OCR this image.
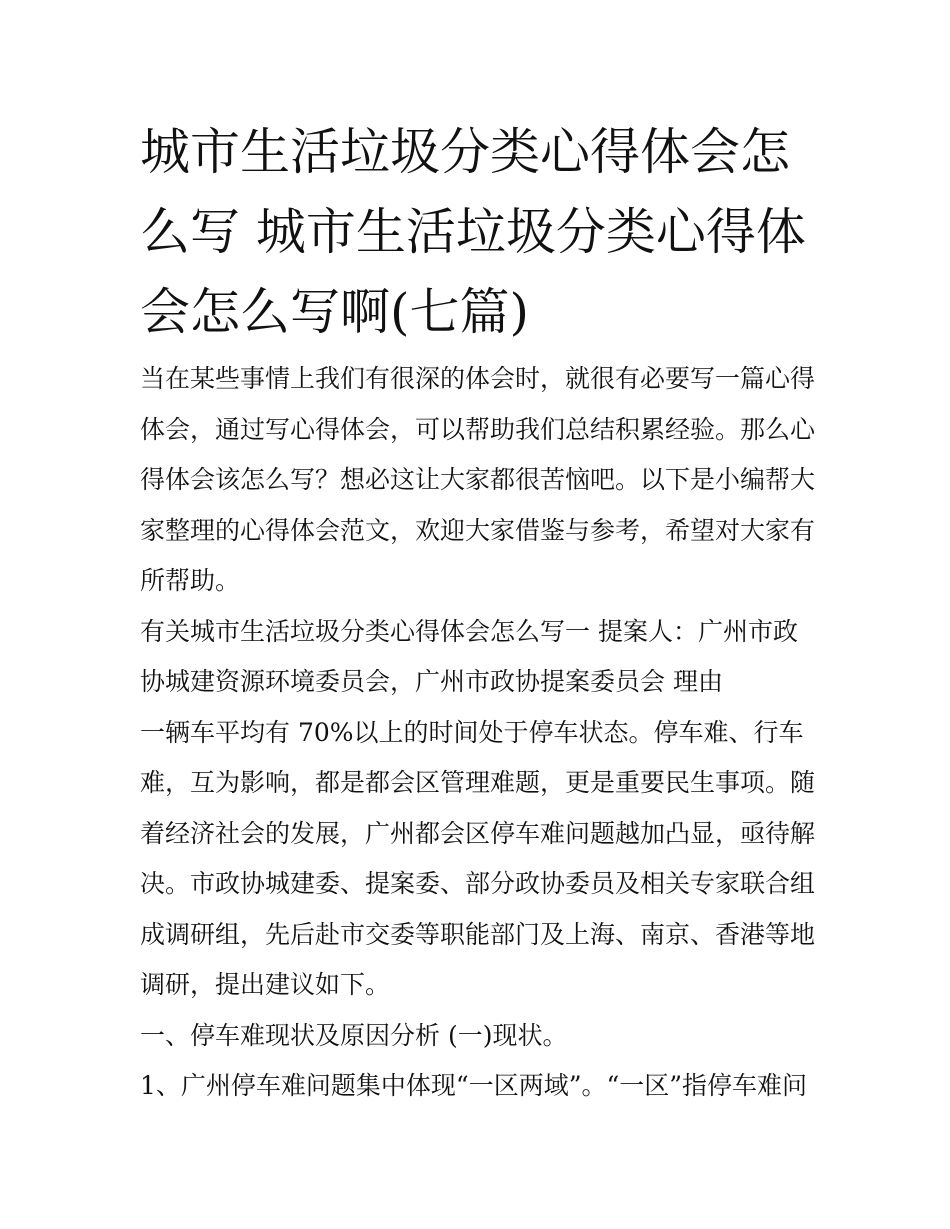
城市生活垃圾分类心得体会怎
么写 城市生活垃圾分类心得体
会怎么写啊(七篇)
当在某些事情上我们有很深的体会时，就很有必要写一篇心得
体会，通过写心得体会，可以帮助我们总结积累经验。那么心
得体会该怎么写？想必这让大家都很苦恼吧。以下是小编帮大
家整理的心得体会范文，欢迎大家借鉴与参考，希望对大家有
所帮助。
有关城市生活垃圾分类心得体会怎么写一 提案人：广州市政
协城建资源环境委员会，广州市政协提案委员会 理由
一辆车平均有 70%以上的时间处于停车状态。停车难、行车
难，互为影响，都是都会区管理难题，更是重要民生事项。随
着经济社会的发展，广州都会区停车难问题越加凸显，亟待解
决。市政协城建委、提案委、部分政协委员及相关专家联合组
成调研组，先后赴市交委等职能部门及上海、南京、香港等地
调研，提出建议如下。
一、停车难现状及原因分析 (一)现状。
1、广州停车难问题集中体现“一区两域”。“一区”指停车难问
